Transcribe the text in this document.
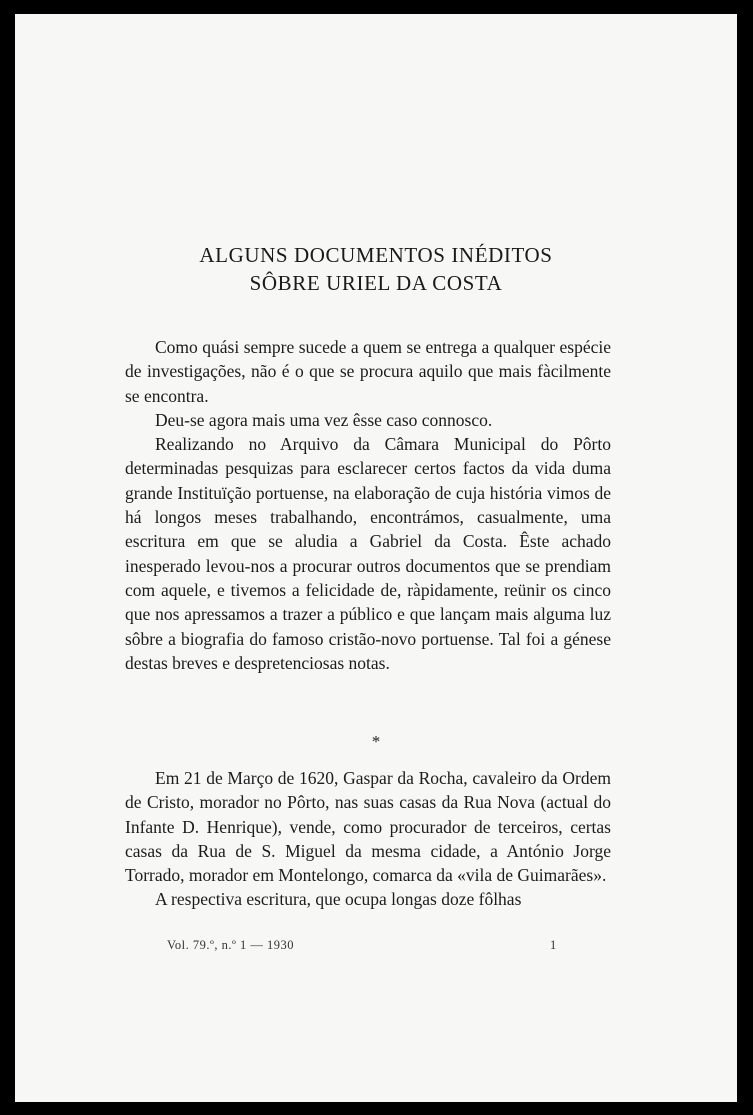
ALGUNS DOCUMENTOS INÉDITOS
SÔBRE URIEL DA COSTA

Como quási sempre sucede a quem se entrega a qualquer espécie de investigações, não é o que se procura aquilo que mais fàcilmente se encontra.

Deu-se agora mais uma vez êsse caso connosco.

Realizando no Arquivo da Câmara Municipal do Pôrto determinadas pesquizas para esclarecer certos factos da vida duma grande Instituïção portuense, na elaboração de cuja história vimos de há longos meses trabalhando, encontrámos, casualmente, uma escritura em que se aludia a Gabriel da Costa. Êste achado inesperado levou-nos a procurar outros documentos que se prendiam com aquele, e tivemos a felicidade de, ràpidamente, reünir os cinco que nos apressamos a trazer a público e que lançam mais alguma luz sôbre a biografia do famoso cristão-novo portuense. Tal foi a génese destas breves e despretenciosas notas.

*

Em 21 de Março de 1620, Gaspar da Rocha, cavaleiro da Ordem de Cristo, morador no Pôrto, nas suas casas da Rua Nova (actual do Infante D. Henrique), vende, como procurador de terceiros, certas casas da Rua de S. Miguel da mesma cidade, a António Jorge Torrado, morador em Montelongo, comarca da «vila de Guimarães».

A respectiva escritura, que ocupa longas doze fôlhas

Vol. 79.º, n.º 1 — 1930	1
